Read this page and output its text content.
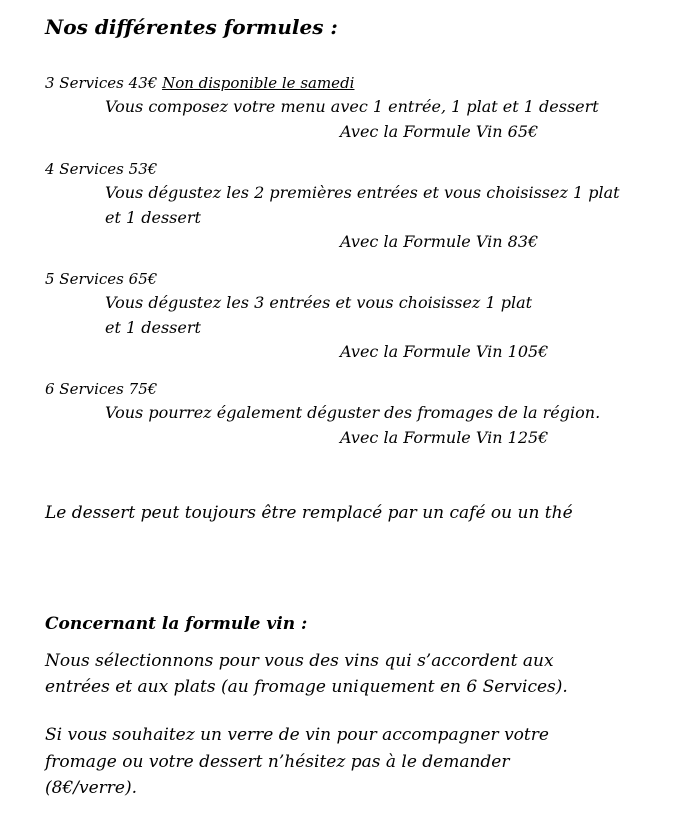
Nos différentes formules :
3 Services 43€ Non disponible le samedi
Vous composez votre menu avec 1 entrée, 1 plat et 1 dessert
Avec la Formule Vin 65€
4 Services 53€
Vous dégustez les 2 premières entrées et vous choisissez 1 plat
et 1 dessert
Avec la Formule Vin 83€
5 Services 65€
Vous dégustez les 3 entrées et vous choisissez 1 plat
et 1 dessert
Avec la Formule Vin 105€
6 Services 75€
Vous pourrez également déguster des fromages de la région.
Avec la Formule Vin 125€
Le dessert peut toujours être remplacé par un café ou un thé
Concernant la formule vin :
Nous sélectionnons pour vous des vins qui s’accordent aux
entrées et aux plats (au fromage uniquement en 6 Services).
Si vous souhaitez un verre de vin pour accompagner votre
fromage ou votre dessert n’hésitez pas à le demander
(8€/verre).
